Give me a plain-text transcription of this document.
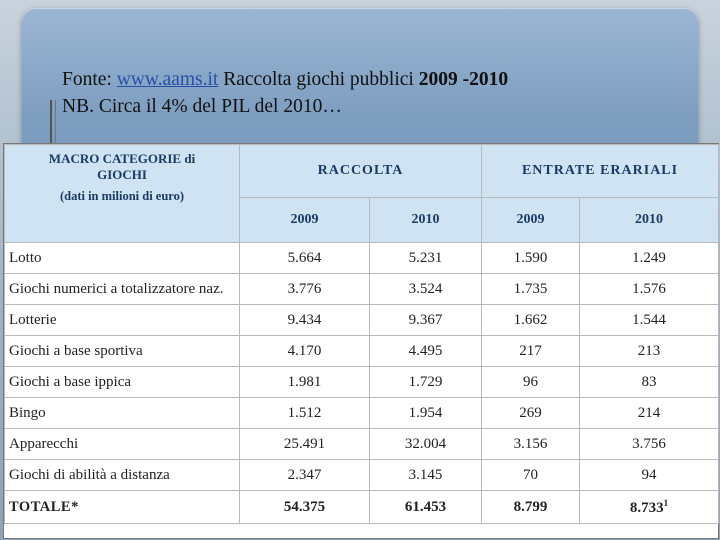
Fonte: www.aams.it Raccolta giochi pubblici 2009 -2010
NB. Circa il 4% del PIL del 2010…
MACRO CATEGORIE di
GIOCHI
(dati in milioni di euro)	RACCOLTA		ENTRATE ERARIALI	
	2009	2010	2009	2010
Lotto	5.664	5.231	1.590	1.249
Giochi numerici a totalizzatore naz.	3.776	3.524	1.735	1.576
Lotterie	9.434	9.367	1.662	1.544
Giochi a base sportiva	4.170	4.495	217	213
Giochi a base ippica	1.981	1.729	96	83
Bingo	1.512	1.954	269	214
Apparecchi	25.491	32.004	3.156	3.756
Giochi di abilità a distanza	2.347	3.145	70	94
TOTALE*	54.375	61.453	8.799	8.733$^1$
